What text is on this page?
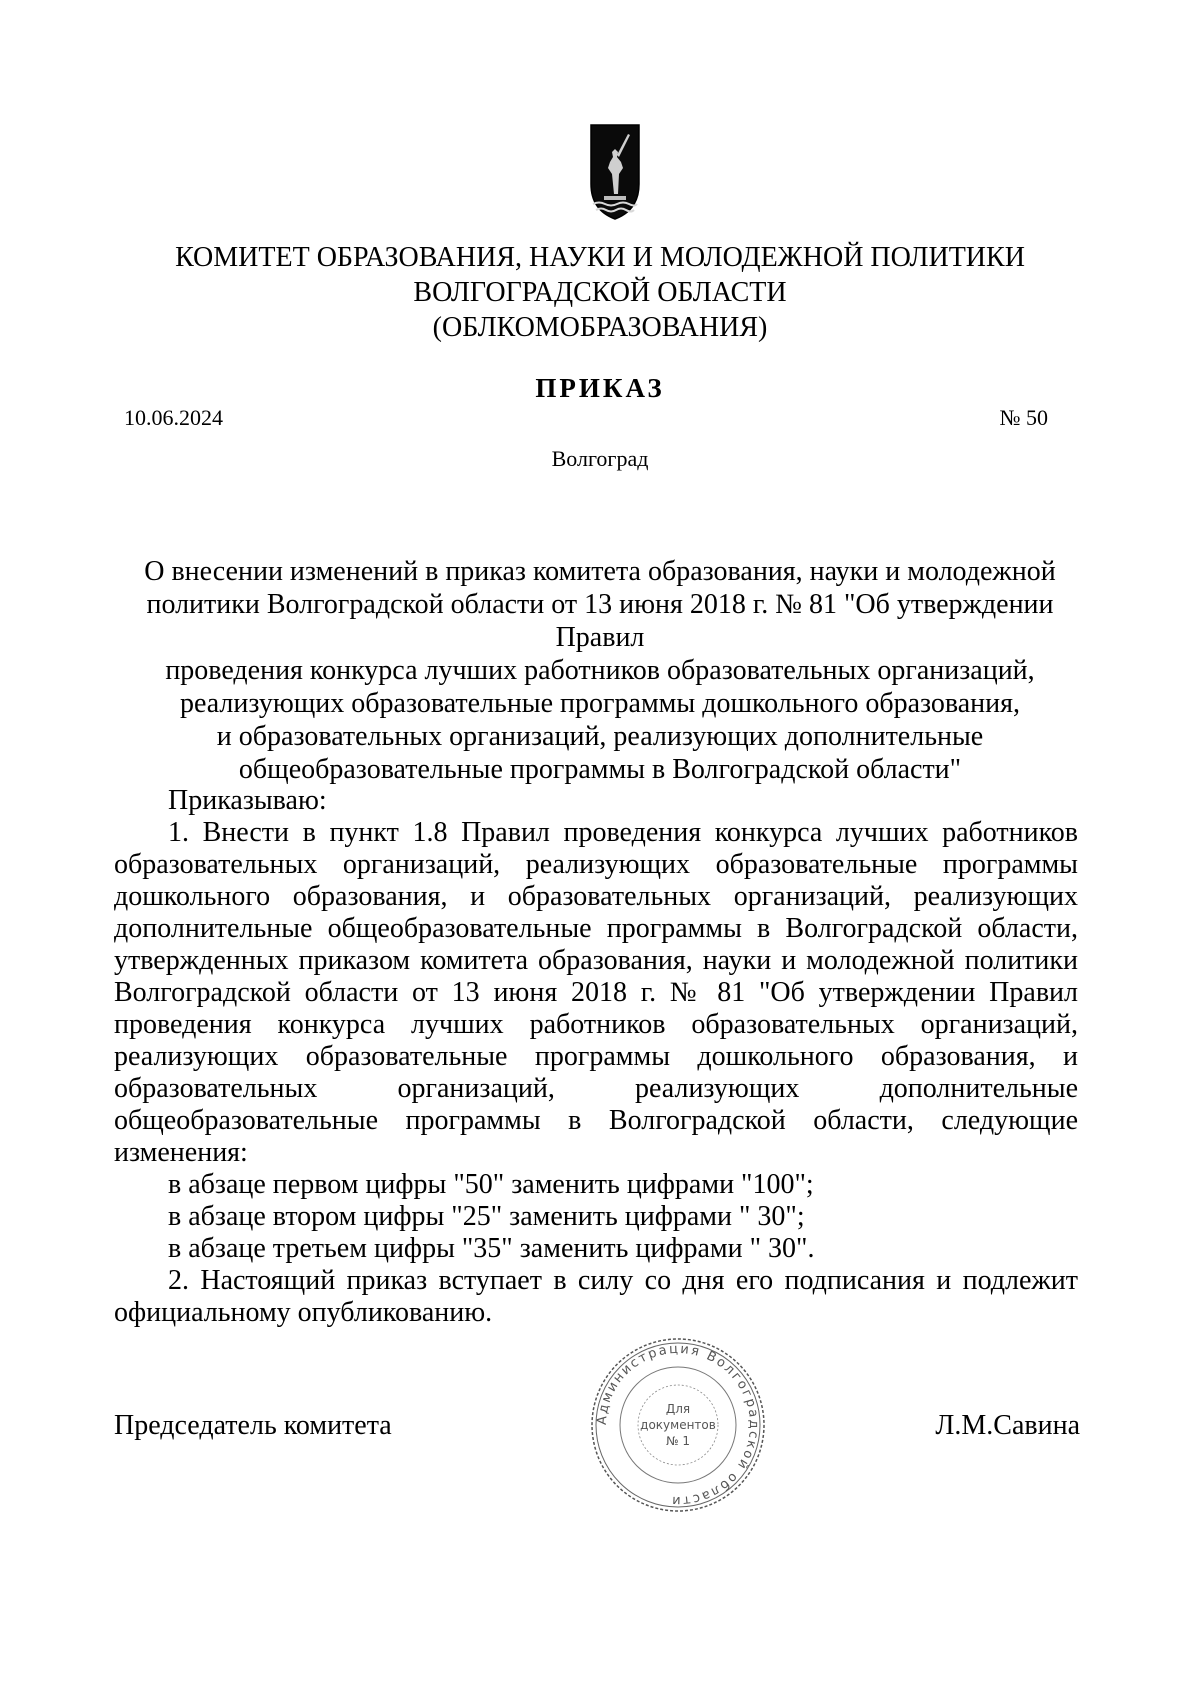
КОМИТЕТ ОБРАЗОВАНИЯ, НАУКИ И МОЛОДЕЖНОЙ ПОЛИТИКИ
ВОЛГОГРАДСКОЙ ОБЛАСТИ
(ОБЛКОМОБРАЗОВАНИЯ)
ПРИКАЗ
10.06.2024	№ 50
Волгоград
О внесении изменений в приказ комитета образования, науки и молодежной
политики Волгоградской области от 13 июня 2018 г. № 81 "Об утверждении Правил
проведения конкурса лучших работников образовательных организаций,
реализующих образовательные программы дошкольного образования,
и образовательных организаций, реализующих дополнительные
общеобразовательные программы в Волгоградской области"

Приказываю:

1. Внести в пункт 1.8 Правил проведения конкурса лучших работников образовательных организаций, реализующих образовательные программы дошкольного образования, и образовательных организаций, реализующих дополнительные общеобразовательные программы в Волгоградской области, утвержденных приказом комитета образования, науки и молодежной политики Волгоградской области от 13 июня 2018 г. № 81 "Об утверждении Правил проведения конкурса лучших работников образовательных организаций, реализующих образовательные программы дошкольного образования, и образовательных организаций, реализующих дополнительные общеобразовательные программы в Волгоградской области, следующие изменения:

в абзаце первом цифры "50" заменить цифрами "100";

в абзаце втором цифры "25" заменить цифрами " 30";

в абзаце третьем цифры "35" заменить цифрами " 30".

2. Настоящий приказ вступает в силу со дня его подписания и подлежит официальному опубликованию.

Председатель комитета	Л.М.Савина
Администрация Волгоградской области
Для
документов
№ 1
